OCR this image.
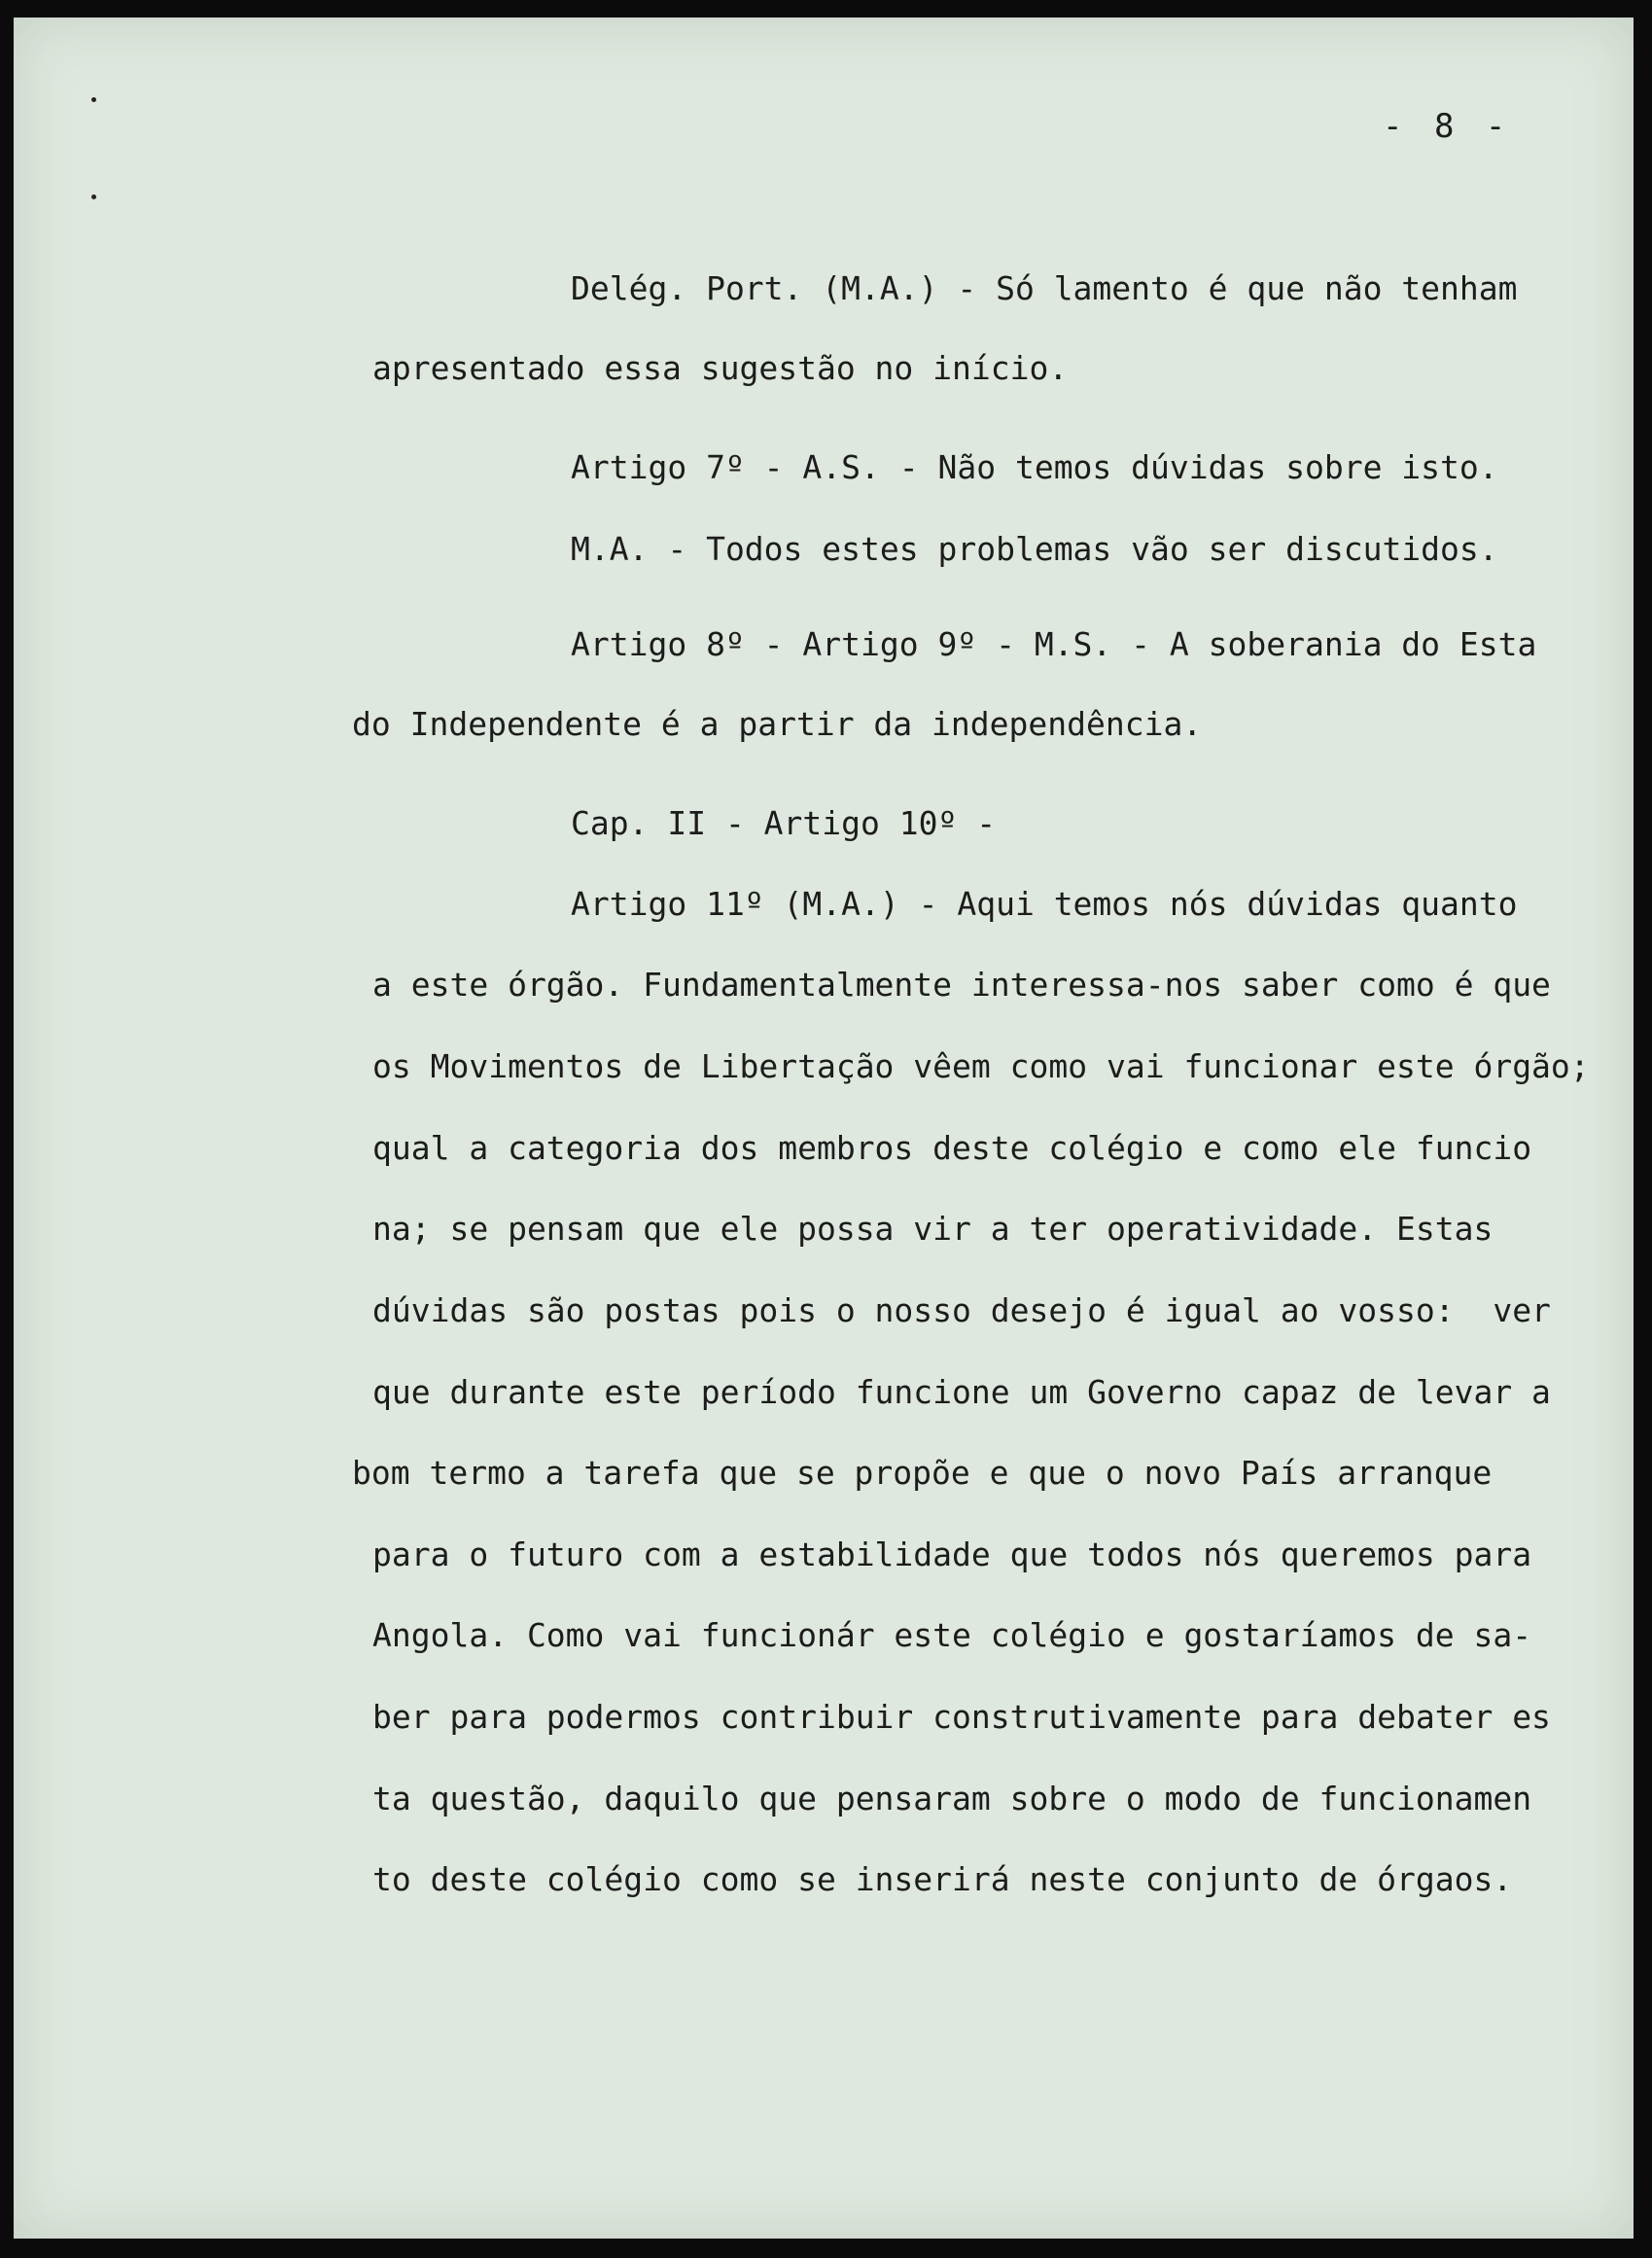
- 8 -
Delég. Port. (M.A.) - Só lamento é que não tenham
apresentado essa sugestão no início.
Artigo 7º - A.S. - Não temos dúvidas sobre isto.
M.A. - Todos estes problemas vão ser discutidos.
Artigo 8º - Artigo 9º - M.S. - A soberania do Esta
do Independente é a partir da independência.
Cap. II - Artigo 10º -
Artigo 11º (M.A.) - Aqui temos nós dúvidas quanto
a este órgão. Fundamentalmente interessa-nos saber como é que
os Movimentos de Libertação vêem como vai funcionar este órgão;
qual a categoria dos membros deste colégio e como ele funcio
na; se pensam que ele possa vir a ter operatividade. Estas
dúvidas são postas pois o nosso desejo é igual ao vosso:  ver
que durante este período funcione um Governo capaz de levar a
bom termo a tarefa que se propõe e que o novo País arranque
para o futuro com a estabilidade que todos nós queremos para
Angola. Como vai funcionár este colégio e gostaríamos de sa-
ber para podermos contribuir construtivamente para debater es
ta questão, daquilo que pensaram sobre o modo de funcionamen
to deste colégio como se inserirá neste conjunto de órgaos.
